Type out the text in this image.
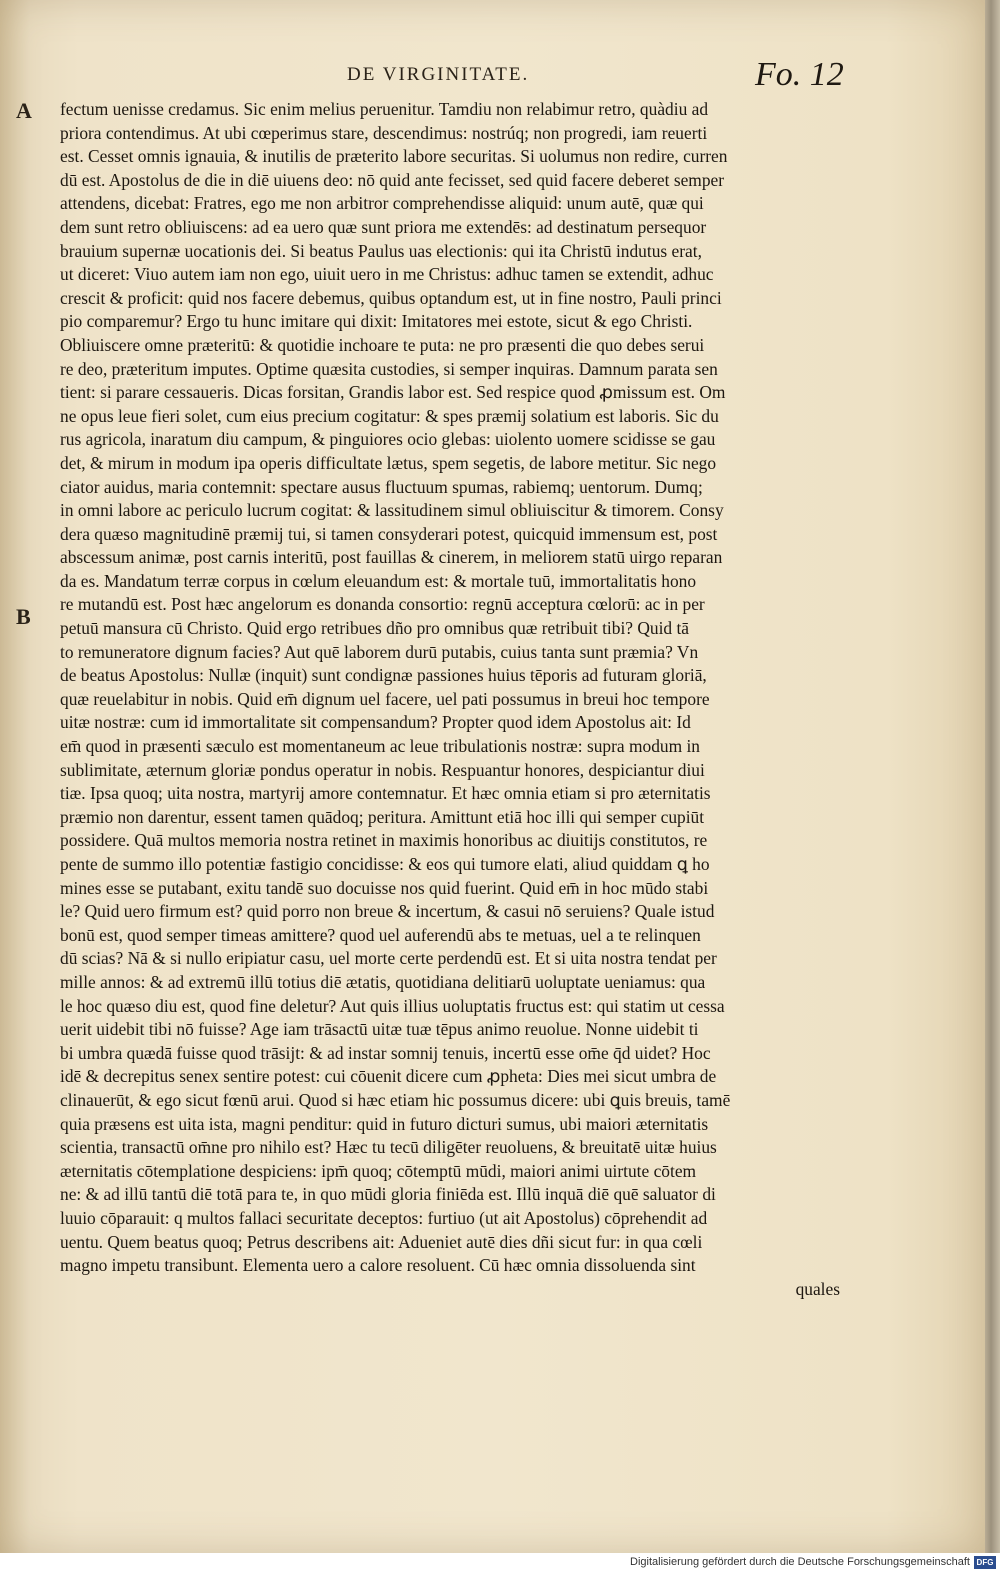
DE VIRGINITATE.	Fo. 12
A
B
fectum uenisse credamus. Sic enim melius peruenitur. Tamdiu non relabimur retro, quàdiu ad
priora contendimus. At ubi cœperimus stare, descendimus: nostrúq; non progredi, iam reuerti
est. Cesset omnis ignauia, & inutilis de præterito labore securitas. Si uolumus non redire, curren
dū est. Apostolus de die in diē uiuens deo: nō quid ante fecisset, sed quid facere deberet semper
attendens, dicebat: Fratres, ego me non arbitror comprehendisse aliquid: unum autē, quæ qui
dem sunt retro obliuiscens: ad ea uero quæ sunt priora me extendēs: ad destinatum persequor
brauium supernæ uocationis dei. Si beatus Paulus uas electionis: qui ita Christū indutus erat,
ut diceret: Viuo autem iam non ego, uiuit uero in me Christus: adhuc tamen se extendit, adhuc
crescit & proficit: quid nos facere debemus, quibus optandum est, ut in fine nostro, Pauli princi
pio comparemur? Ergo tu hunc imitare qui dixit: Imitatores mei estote, sicut & ego Christi.
Obliuiscere omne præteritū: & quotidie inchoare te puta: ne pro præsenti die quo debes serui
re deo, præteritum imputes. Optime quæsita custodies, si semper inquiras. Damnum parata sen
tient: si parare cessaueris. Dicas forsitan, Grandis labor est. Sed respice quod ꝓmissum est. Om
ne opus leue fieri solet, cum eius precium cogitatur: & spes præmij solatium est laboris. Sic du
rus agricola, inaratum diu campum, & pinguiores ocio glebas: uiolento uomere scidisse se gau
det, & mirum in modum ipa operis difficultate lætus, spem segetis, de labore metitur. Sic nego
ciator auidus, maria contemnit: spectare ausus fluctuum spumas, rabiemq; uentorum. Dumq;
in omni labore ac periculo lucrum cogitat: & lassitudinem simul obliuiscitur & timorem. Consy
dera quæso magnitudinē præmij tui, si tamen consyderari potest, quicquid immensum est, post
abscessum animæ, post carnis interitū, post fauillas & cinerem, in meliorem statū uirgo reparan
da es. Mandatum terræ corpus in cœlum eleuandum est: & mortale tuū, immortalitatis hono
re mutandū est. Post hæc angelorum es donanda consortio: regnū acceptura cœlorū: ac in per
petuū mansura cū Christo. Quid ergo retribues dño pro omnibus quæ retribuit tibi? Quid tā
to remuneratore dignum facies? Aut quē laborem durū putabis, cuius tanta sunt præmia? Vn
de beatus Apostolus: Nullæ (inquit) sunt condignæ passiones huius tēporis ad futuram gloriā,
quæ reuelabitur in nobis. Quid em̄ dignum uel facere, uel pati possumus in breui hoc tempore
uitæ nostræ: cum id immortalitate sit compensandum? Propter quod idem Apostolus ait: Id
em̄ quod in præsenti sæculo est momentaneum ac leue tribulationis nostræ: supra modum in
sublimitate, æternum gloriæ pondus operatur in nobis. Respuantur honores, despiciantur diui
tiæ. Ipsa quoq; uita nostra, martyrij amore contemnatur. Et hæc omnia etiam si pro æternitatis
præmio non darentur, essent tamen quādoq; peritura. Amittunt etiā hoc illi qui semper cupiūt
possidere. Quā multos memoria nostra retinet in maximis honoribus ac diuitijs constitutos, re
pente de summo illo potentiæ fastigio concidisse: & eos qui tumore elati, aliud quiddam ꝗ ho
mines esse se putabant, exitu tandē suo docuisse nos quid fuerint. Quid em̄ in hoc mūdo stabi
le? Quid uero firmum est? quid porro non breue & incertum, & casui nō seruiens? Quale istud
bonū est, quod semper timeas amittere? quod uel auferendū abs te metuas, uel a te relinquen
dū scias? Nā & si nullo eripiatur casu, uel morte certe perdendū est. Et si uita nostra tendat per
mille annos: & ad extremū illū totius diē ætatis, quotidiana delitiarū uoluptate ueniamus: qua
le hoc quæso diu est, quod fine deletur? Aut quis illius uoluptatis fructus est: qui statim ut cessa
uerit uidebit tibi nō fuisse? Age iam trāsactū uitæ tuæ tēpus animo reuolue. Nonne uidebit ti
bi umbra quædā fuisse quod trāsijt: & ad instar somnij tenuis, incertū esse om̄e q̄d uidet? Hoc
idē & decrepitus senex sentire potest: cui cōuenit dicere cum ꝓpheta: Dies mei sicut umbra de
clinauerūt, & ego sicut fœnū arui. Quod si hæc etiam hic possumus dicere: ubi ꝗuis breuis, tamē
quia præsens est uita ista, magni penditur: quid in futuro dicturi sumus, ubi maiori æternitatis
scientia, transactū om̄ne pro nihilo est? Hæc tu tecū diligēter reuoluens, & breuitatē uitæ huius
æternitatis cōtemplatione despiciens: ipm̄ quoq; cōtemptū mūdi, maiori animi uirtute cōtem
ne: & ad illū tantū diē totā para te, in quo mūdi gloria finiēda est. Illū inquā diē quē saluator di
luuio cōparauit: q multos fallaci securitate deceptos: furtiuo (ut ait Apostolus) cōprehendit ad
uentu. Quem beatus quoq; Petrus describens ait: Adueniet autē dies dñi sicut fur: in qua cœli
magno impetu transibunt. Elementa uero a calore resoluent. Cū hæc omnia dissoluenda sint
quales
Digitalisierung gefördert durch die Deutsche Forschungsgemeinschaft DFG
